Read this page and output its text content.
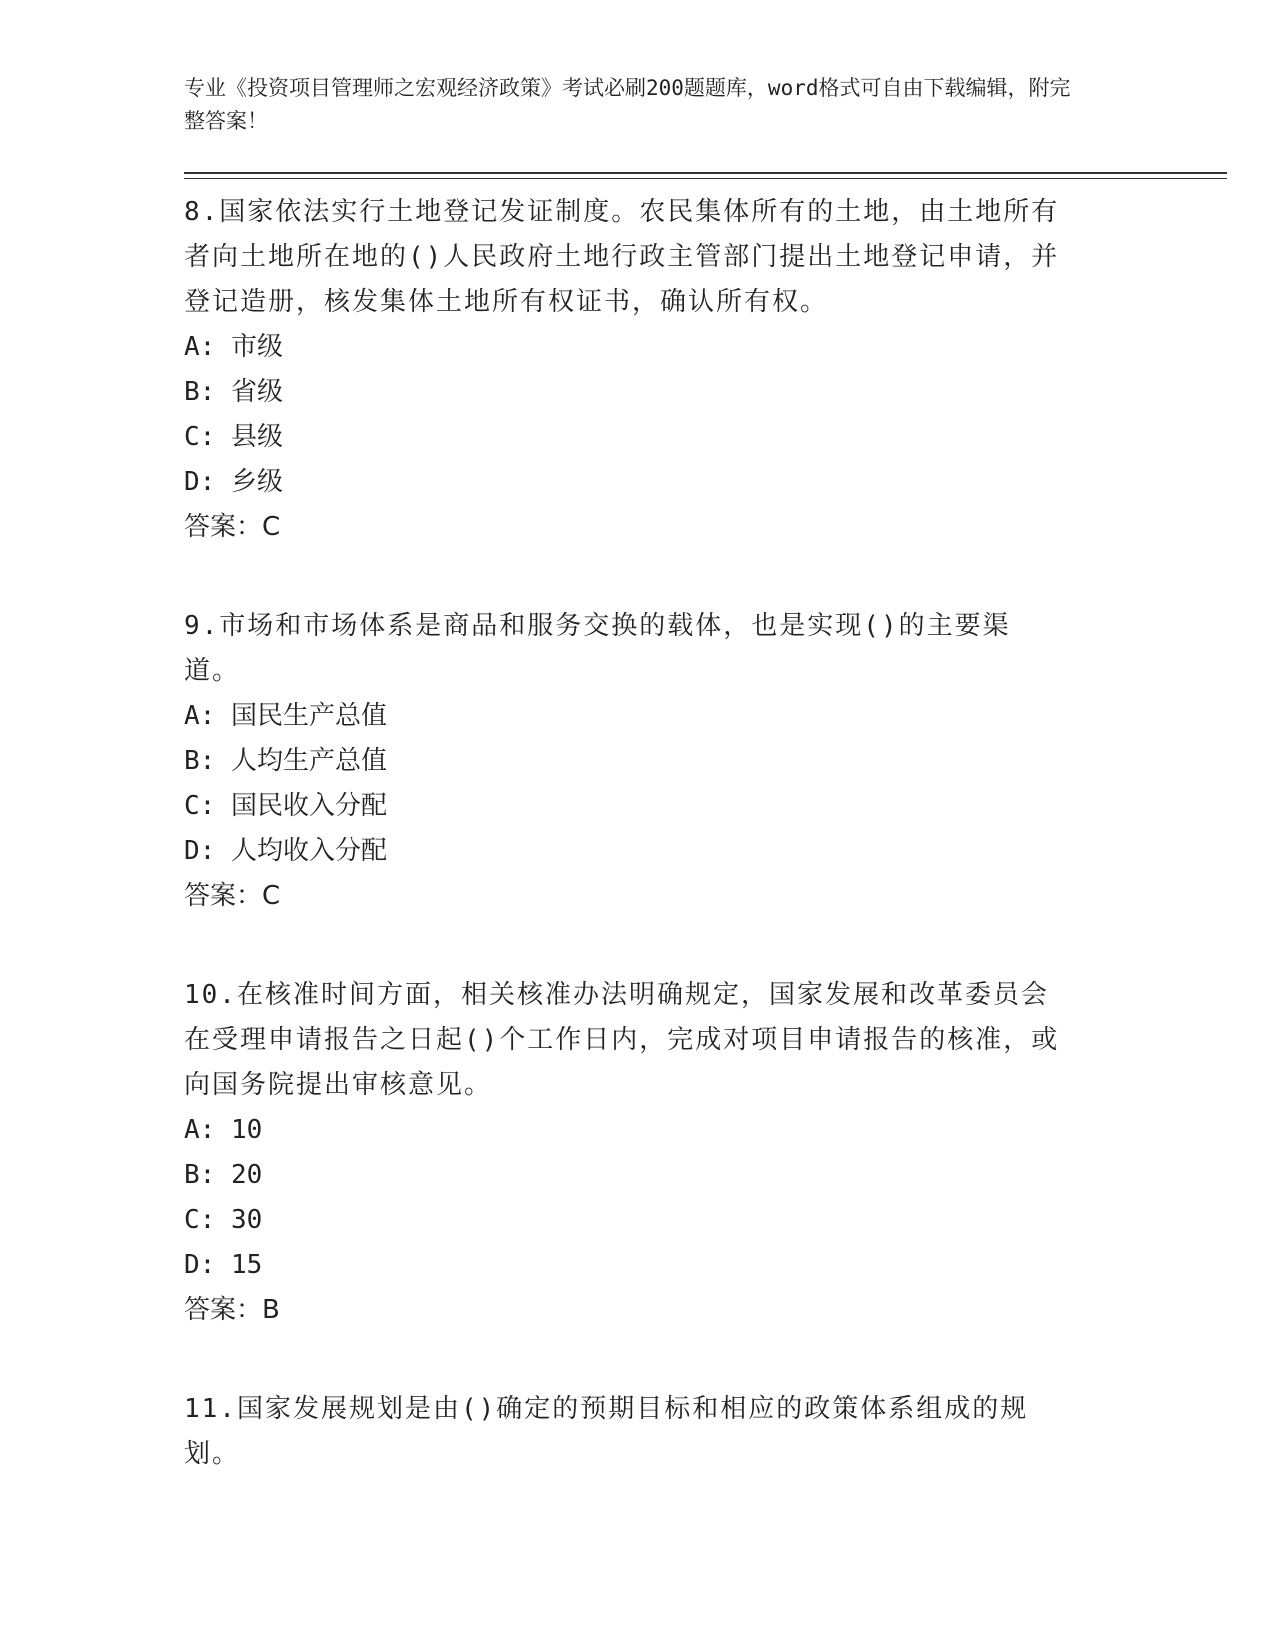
专业《投资项目管理师之宏观经济政策》考试必刷200题题库，word格式可自由下载编辑，附完整答案！
8.国家依法实行土地登记发证制度。农民集体所有的土地，由土地所有者向土地所在地的()人民政府土地行政主管部门提出土地登记申请，并登记造册，核发集体土地所有权证书，确认所有权。
A: 市级
B: 省级
C: 县级
D: 乡级
答案：C
9.市场和市场体系是商品和服务交换的载体，也是实现()的主要渠道。
A: 国民生产总值
B: 人均生产总值
C: 国民收入分配
D: 人均收入分配
答案：C
10.在核准时间方面，相关核准办法明确规定，国家发展和改革委员会在受理申请报告之日起()个工作日内，完成对项目申请报告的核准，或向国务院提出审核意见。
A: 10
B: 20
C: 30
D: 15
答案：B
11.国家发展规划是由()确定的预期目标和相应的政策体系组成的规划。
